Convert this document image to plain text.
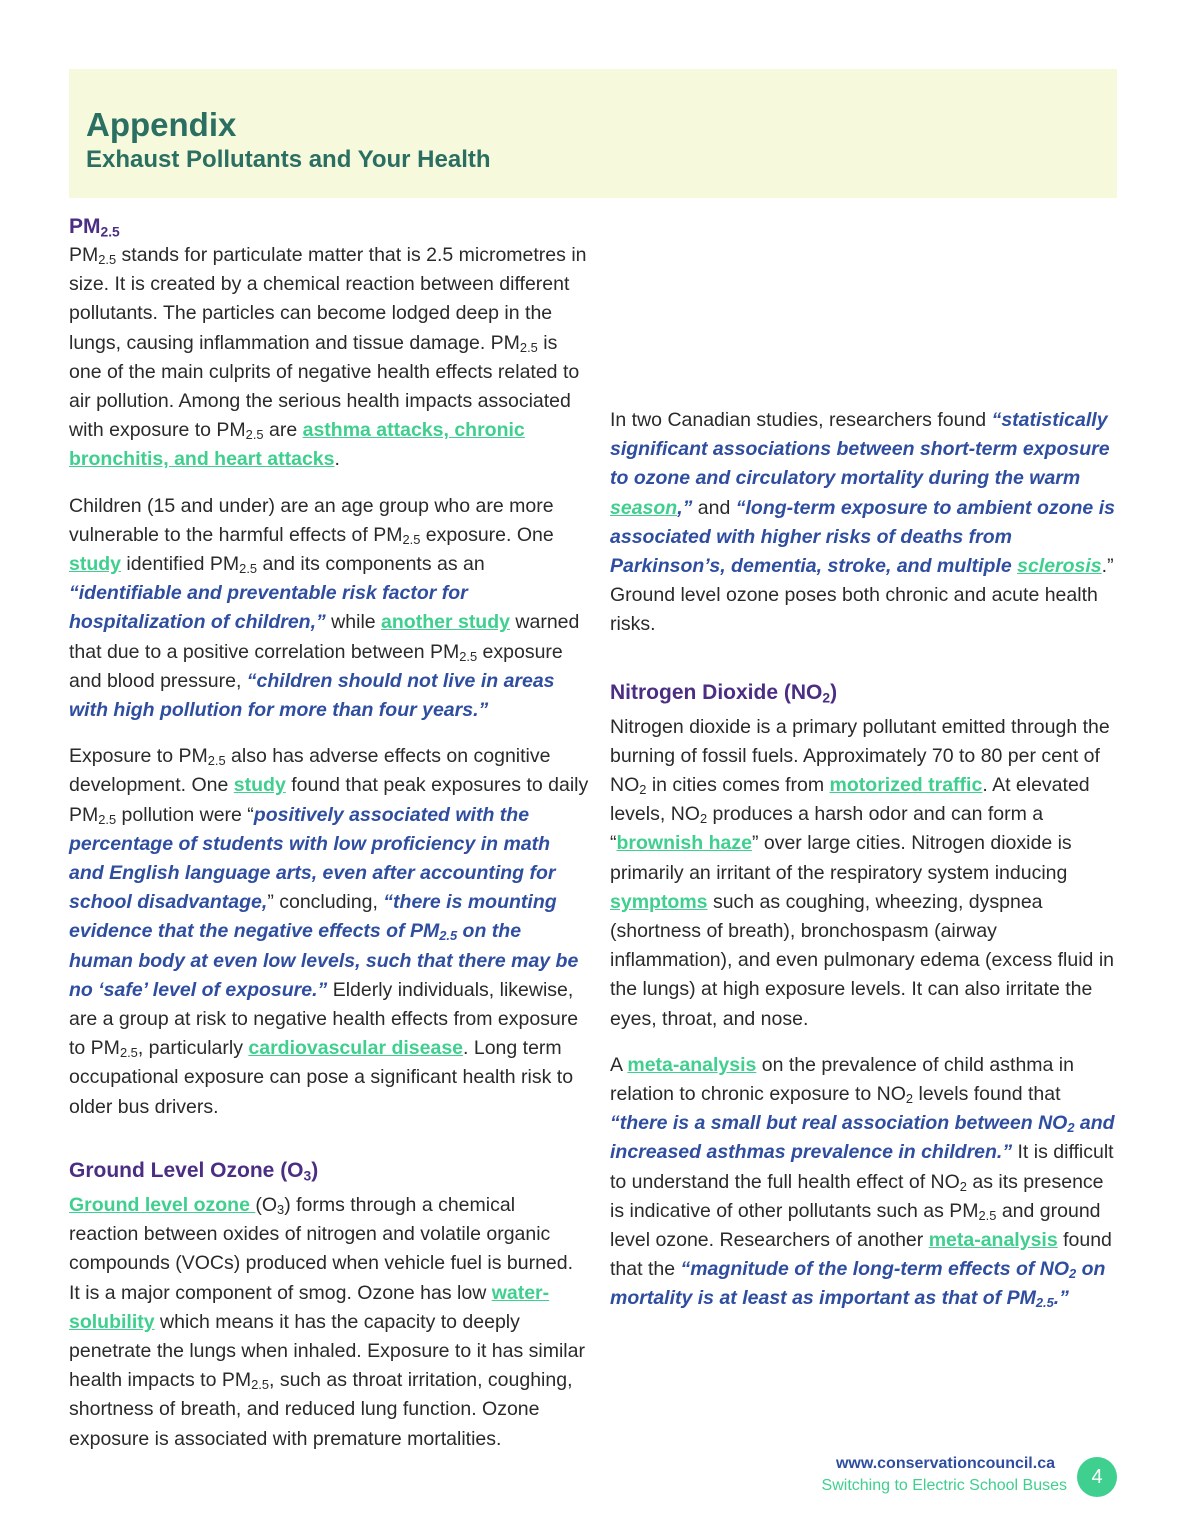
Appendix
Exhaust Pollutants and Your Health
$PM_{2.5}$

$PM_{2.5}$ stands for particulate matter that is 2.5 micrometres in size. It is created by a chemical reaction between different pollutants. The particles can become lodged deep in the lungs, causing inflammation and tissue damage. $PM_{2.5}$ is one of the main culprits of negative health effects related to air pollution. Among the serious health impacts associated with exposure to $PM_{2.5}$ are asthma attacks, chronic bronchitis, and heart attacks.

Children (15 and under) are an age group who are more vulnerable to the harmful effects of $PM_{2.5}$ exposure. One study identified $PM_{2.5}$ and its components as an “identifiable and preventable risk factor for hospitalization of children,” while another study warned that due to a positive correlation between $PM_{2.5}$ exposure and blood pressure, “children should not live in areas with high pollution for more than four years.”

Exposure to $PM_{2.5}$ also has adverse effects on cognitive development. One study found that peak exposures to daily $PM_{2.5}$ pollution were “positively associated with the percentage of students with low proficiency in math and English language arts, even after accounting for school disadvantage,” concluding, “there is mounting evidence that the negative effects of $PM_{2.5}$ on the human body at even low levels, such that there may be no ‘safe’ level of exposure.” Elderly individuals, likewise, are a group at risk to negative health effects from exposure to $PM_{2.5}$, particularly cardiovascular disease. Long term occupational exposure can pose a significant health risk to older bus drivers.

Ground Level Ozone $(O_3)$

Ground level ozone $(O_3)$ forms through a chemical reaction between oxides of nitrogen and volatile organic compounds (VOCs) produced when vehicle fuel is burned. It is a major component of smog. Ozone has low water-solubility which means it has the capacity to deeply penetrate the lungs when inhaled. Exposure to it has similar health impacts to $PM_{2.5}$, such as throat irritation, coughing, shortness of breath, and reduced lung function. Ozone exposure is associated with premature mortalities.

In two Canadian studies, researchers found “statistically significant associations between short-term exposure to ozone and circulatory mortality during the warm season,” and “long-term exposure to ambient ozone is associated with higher risks of deaths from Parkinson’s, dementia, stroke, and multiple sclerosis.” Ground level ozone poses both chronic and acute health risks.

Nitrogen Dioxide $(NO_2)$

Nitrogen dioxide is a primary pollutant emitted through the burning of fossil fuels. Approximately 70 to 80 per cent of $NO_2$ in cities comes from motorized traffic. At elevated levels, $NO_2$ produces a harsh odor and can form a “brownish haze” over large cities. Nitrogen dioxide is primarily an irritant of the respiratory system inducing symptoms such as coughing, wheezing, dyspnea (shortness of breath), bronchospasm (airway inflammation), and even pulmonary edema (excess fluid in the lungs) at high exposure levels. It can also irritate the eyes, throat, and nose.

A meta-analysis on the prevalence of child asthma in relation to chronic exposure to $NO_2$ levels found that “there is a small but real association between $NO_2$ and increased asthmas prevalence in children.” It is difficult to understand the full health effect of $NO_2$ as its presence is indicative of other pollutants such as $PM_{2.5}$ and ground level ozone. Researchers of another meta-analysis found that the “magnitude of the long-term effects of $NO_2$ on mortality is at least as important as that of $PM_{2.5}$.”

www.conservationcouncil.ca
Switching to Electric School Buses	4
